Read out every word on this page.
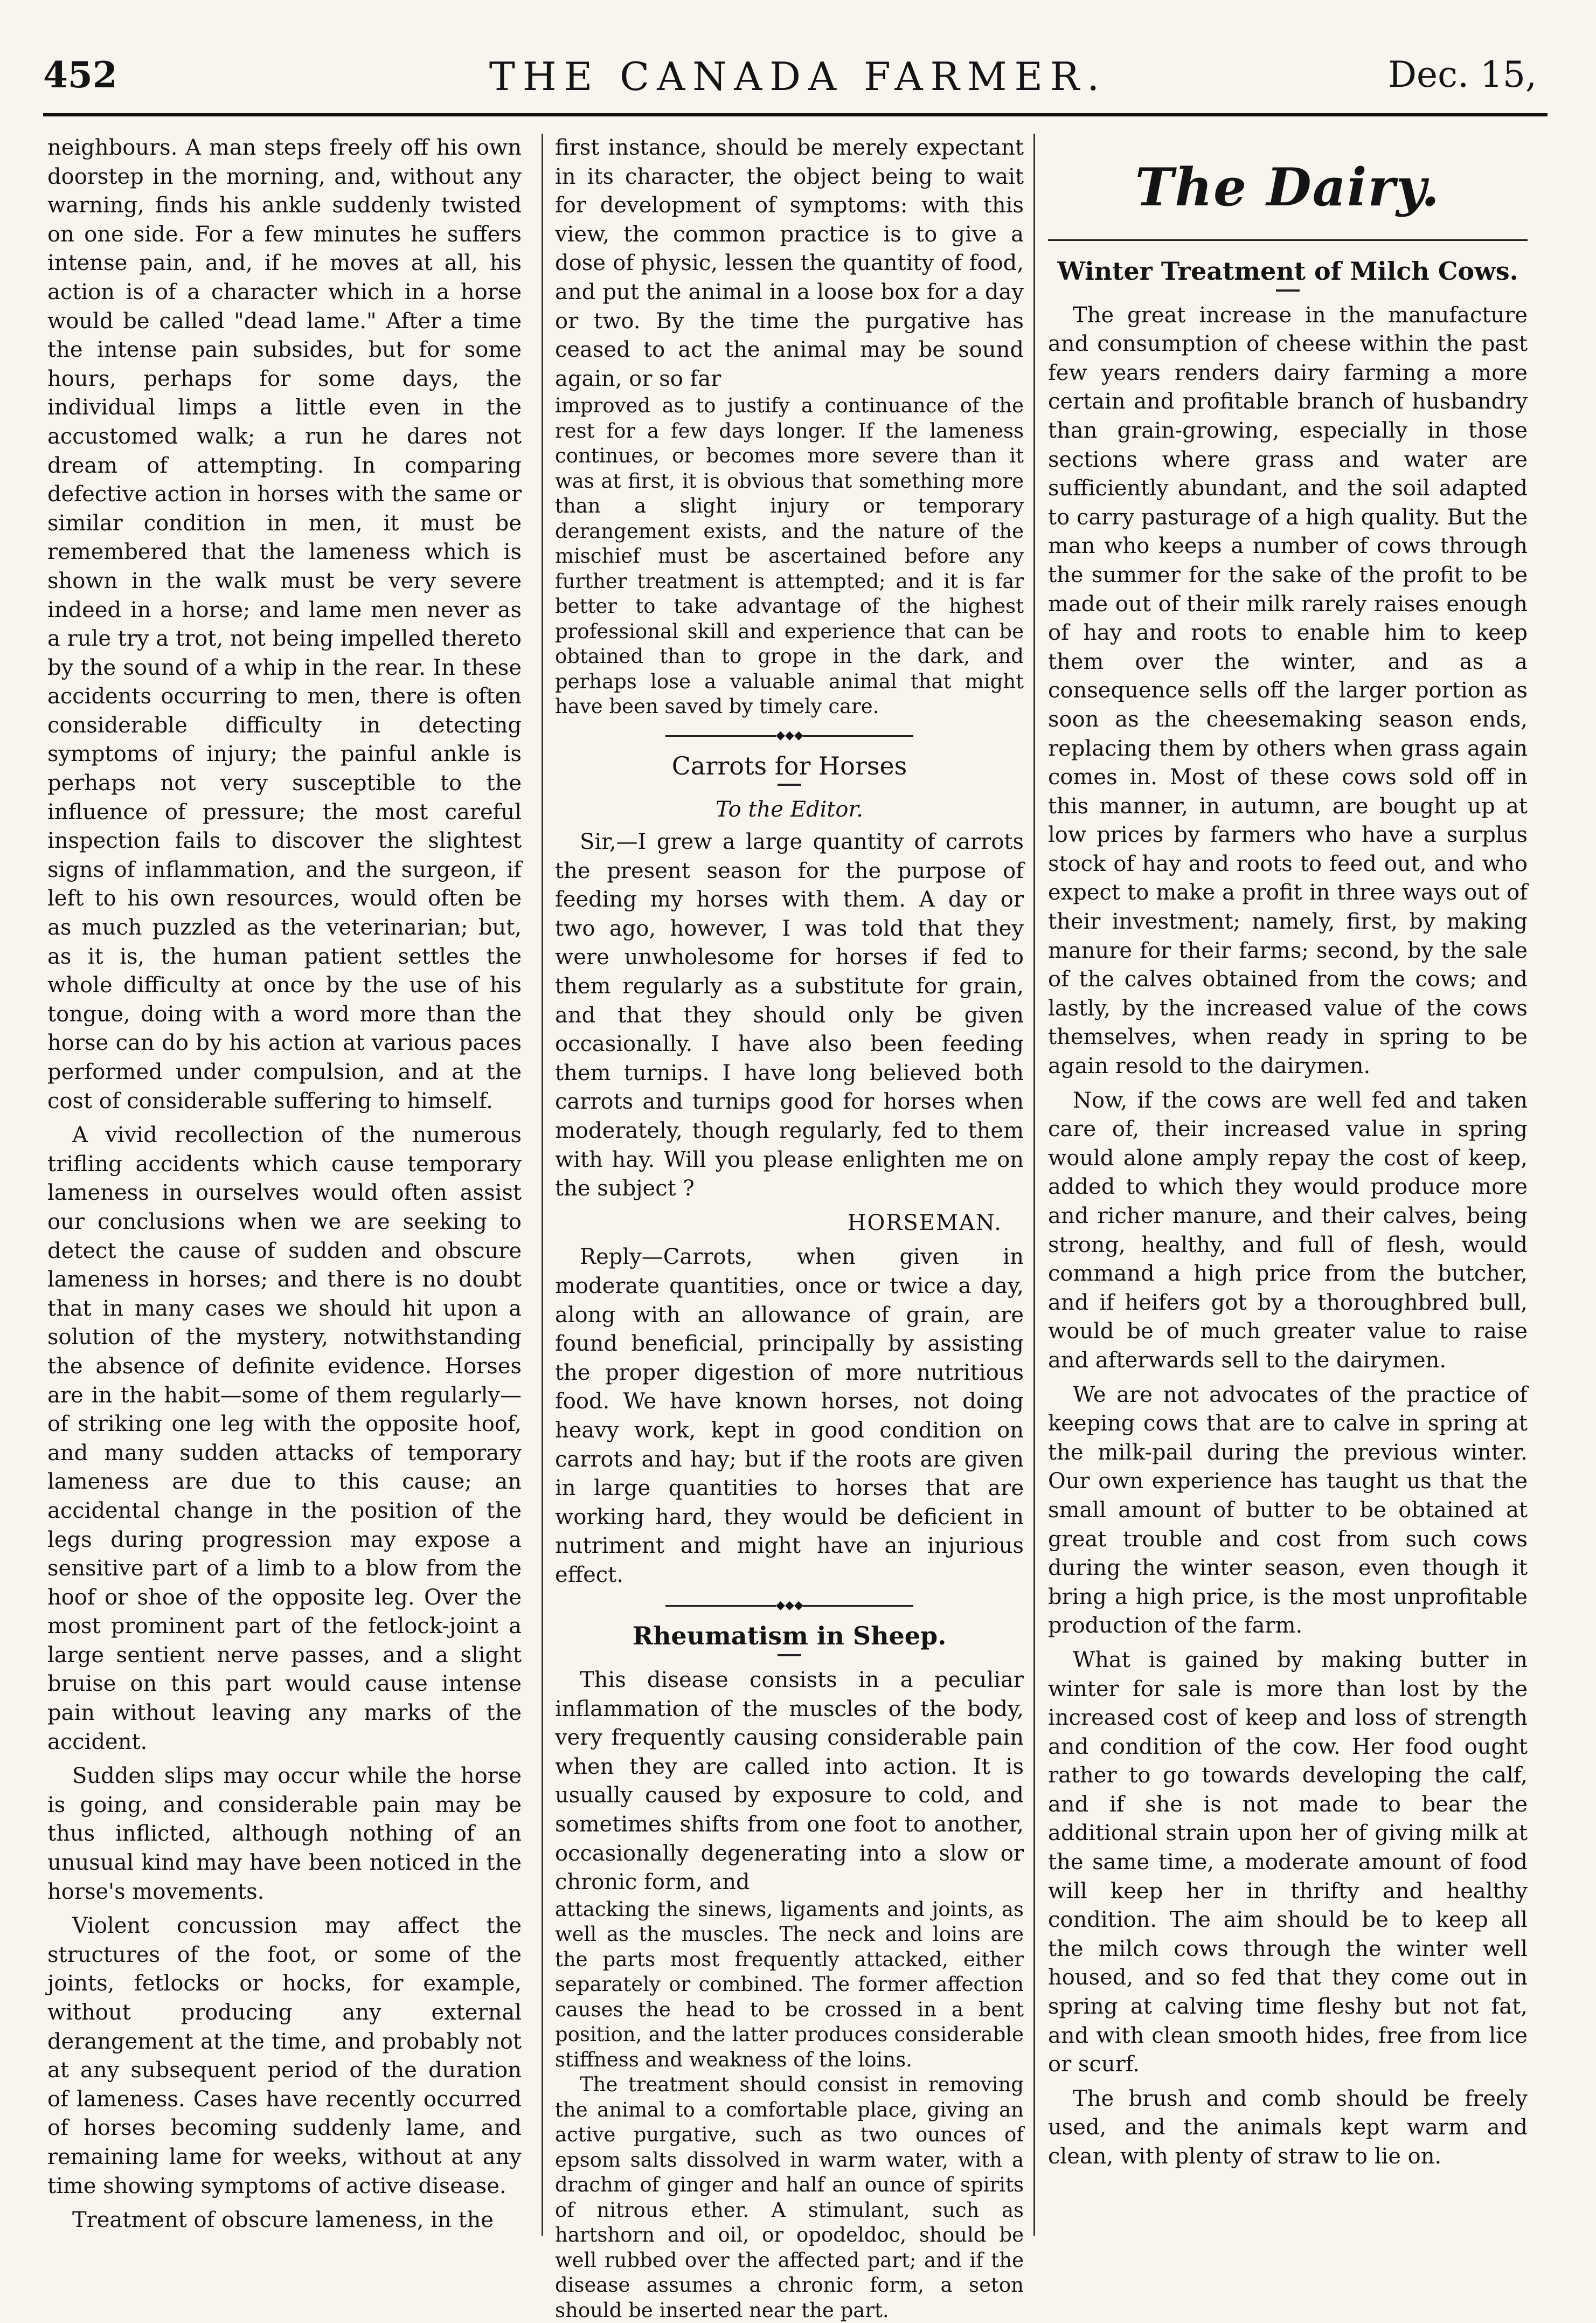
452	THE CANADA FARMER.	Dec. 15,

neighbours. A man steps freely off his own doorstep in the morning, and, without any warning, finds his ankle suddenly twisted on one side. For a few minutes he suffers intense pain, and, if he moves at all, his action is of a character which in a horse would be called "dead lame." After a time the intense pain subsides, but for some hours, perhaps for some days, the individual limps a little even in the accustomed walk; a run he dares not dream of attempting. In comparing defective action in horses with the same or similar condition in men, it must be remembered that the lameness which is shown in the walk must be very severe indeed in a horse; and lame men never as a rule try a trot, not being impelled thereto by the sound of a whip in the rear. In these accidents occurring to men, there is often considerable difficulty in detecting symptoms of injury; the painful ankle is perhaps not very susceptible to the influence of pressure; the most careful inspection fails to discover the slightest signs of inflammation, and the surgeon, if left to his own resources, would often be as much puzzled as the veterinarian; but, as it is, the human patient settles the whole difficulty at once by the use of his tongue, doing with a word more than the horse can do by his action at various paces performed under compulsion, and at the cost of considerable suffering to himself.

A vivid recollection of the numerous trifling accidents which cause temporary lameness in ourselves would often assist our conclusions when we are seeking to detect the cause of sudden and obscure lameness in horses; and there is no doubt that in many cases we should hit upon a solution of the mystery, notwithstanding the absence of definite evidence. Horses are in the habit—some of them regularly—of striking one leg with the opposite hoof, and many sudden attacks of temporary lameness are due to this cause; an accidental change in the position of the legs during progression may expose a sensitive part of a limb to a blow from the hoof or shoe of the opposite leg. Over the most prominent part of the fetlock-joint a large sentient nerve passes, and a slight bruise on this part would cause intense pain without leaving any marks of the accident.

Sudden slips may occur while the horse is going, and considerable pain may be thus inflicted, although nothing of an unusual kind may have been noticed in the horse's movements.

Violent concussion may affect the structures of the foot, or some of the joints, fetlocks or hocks, for example, without producing any external derangement at the time, and probably not at any subsequent period of the duration of lameness. Cases have recently occurred of horses becoming suddenly lame, and remaining lame for weeks, without at any time showing symptoms of active disease.

Treatment of obscure lameness, in the

first instance, should be merely expectant in its character, the object being to wait for development of symptoms: with this view, the common practice is to give a dose of physic, lessen the quantity of food, and put the animal in a loose box for a day or two. By the time the purgative has ceased to act the animal may be sound again, or so far

improved as to justify a continuance of the rest for a few days longer. If the lameness continues, or becomes more severe than it was at first, it is obvious that something more than a slight injury or temporary derangement exists, and the nature of the mischief must be ascertained before any further treatment is attempted; and it is far better to take advantage of the highest professional skill and experience that can be obtained than to grope in the dark, and perhaps lose a valuable animal that might have been saved by timely care.

◆◆◆
Carrots for Horses
To the Editor.

Sir,—I grew a large quantity of carrots the present season for the purpose of feeding my horses with them. A day or two ago, however, I was told that they were unwholesome for horses if fed to them regularly as a substitute for grain, and that they should only be given occasionally. I have also been feeding them turnips. I have long believed both carrots and turnips good for horses when moderately, though regularly, fed to them with hay. Will you please enlighten me on the subject ?

HORSEMAN.

Reply—Carrots, when given in moderate quantities, once or twice a day, along with an allowance of grain, are found beneficial, principally by assisting the proper digestion of more nutritious food. We have known horses, not doing heavy work, kept in good condition on carrots and hay; but if the roots are given in large quantities to horses that are working hard, they would be deficient in nutriment and might have an injurious effect.

◆◆◆
Rheumatism in Sheep.

This disease consists in a peculiar inflammation of the muscles of the body, very frequently causing considerable pain when they are called into action. It is usually caused by exposure to cold, and sometimes shifts from one foot to another, occasionally degenerating into a slow or chronic form, and

attacking the sinews, ligaments and joints, as well as the muscles. The neck and loins are the parts most frequently attacked, either separately or combined. The former affection causes the head to be crossed in a bent position, and the latter produces considerable stiffness and weakness of the loins.

The treatment should consist in removing the animal to a comfortable place, giving an active purgative, such as two ounces of epsom salts dissolved in warm water, with a drachm of ginger and half an ounce of spirits of nitrous ether. A stimulant, such as hartshorn and oil, or opodeldoc, should be well rubbed over the affected part; and if the disease assumes a chronic form, a seton should be inserted near the part.

The Dairy.
Winter Treatment of Milch Cows.

The great increase in the manufacture and consumption of cheese within the past few years renders dairy farming a more certain and profitable branch of husbandry than grain-growing, especially in those sections where grass and water are sufficiently abundant, and the soil adapted to carry pasturage of a high quality. But the man who keeps a number of cows through the summer for the sake of the profit to be made out of their milk rarely raises enough of hay and roots to enable him to keep them over the winter, and as a consequence sells off the larger portion as soon as the cheesemaking season ends, replacing them by others when grass again comes in. Most of these cows sold off in this manner, in autumn, are bought up at low prices by farmers who have a surplus stock of hay and roots to feed out, and who expect to make a profit in three ways out of their investment; namely, first, by making manure for their farms; second, by the sale of the calves obtained from the cows; and lastly, by the increased value of the cows themselves, when ready in spring to be again resold to the dairymen.

Now, if the cows are well fed and taken care of, their increased value in spring would alone amply repay the cost of keep, added to which they would produce more and richer manure, and their calves, being strong, healthy, and full of flesh, would command a high price from the butcher, and if heifers got by a thoroughbred bull, would be of much greater value to raise and afterwards sell to the dairymen.

We are not advocates of the practice of keeping cows that are to calve in spring at the milk-pail during the previous winter. Our own experience has taught us that the small amount of butter to be obtained at great trouble and cost from such cows during the winter season, even though it bring a high price, is the most unprofitable production of the farm.

What is gained by making butter in winter for sale is more than lost by the increased cost of keep and loss of strength and condition of the cow. Her food ought rather to go towards developing the calf, and if she is not made to bear the additional strain upon her of giving milk at the same time, a moderate amount of food will keep her in thrifty and healthy condition. The aim should be to keep all the milch cows through the winter well housed, and so fed that they come out in spring at calving time fleshy but not fat, and with clean smooth hides, free from lice or scurf.

The brush and comb should be freely used, and the animals kept warm and clean, with plenty of straw to lie on.
